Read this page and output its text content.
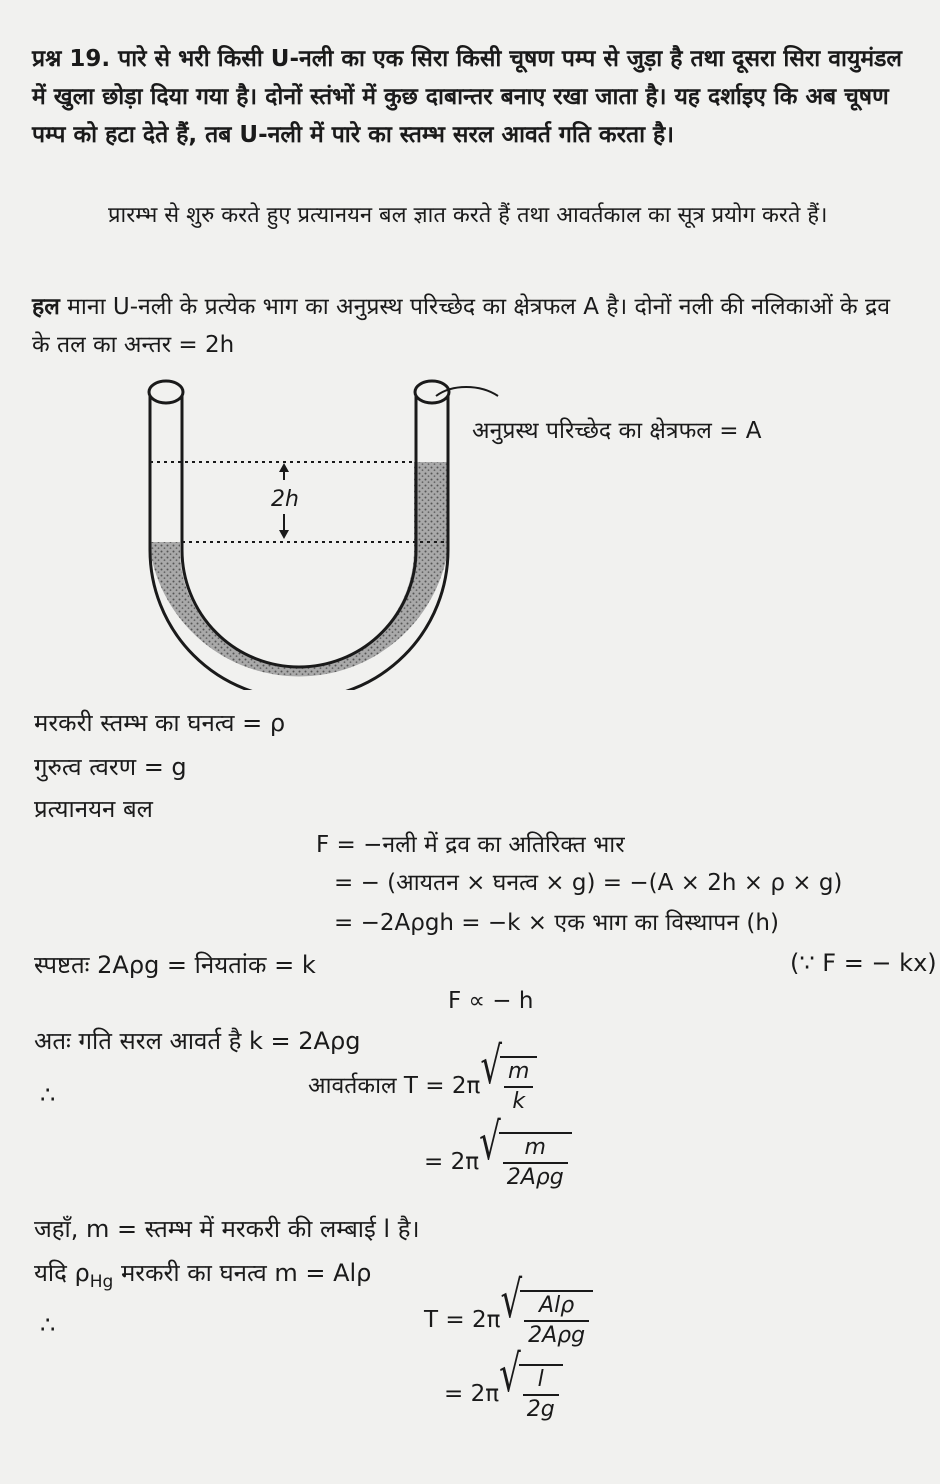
प्रश्न 19. पारे से भरी किसी U-नली का एक सिरा किसी चूषण पम्प से जुड़ा है तथा दूसरा सिरा वायुमंडल में खुला छोड़ा दिया गया है। दोनों स्तंभों में कुछ दाबान्तर बनाए रखा जाता है। यह दर्शाइए कि अब चूषण पम्प को हटा देते हैं, तब U-नली में पारे का स्तम्भ सरल आवर्त गति करता है।
प्रारम्भ से शुरु करते हुए प्रत्यानयन बल ज्ञात करते हैं तथा आवर्तकाल का सूत्र प्रयोग करते हैं।
हल माना U-नली के प्रत्येक भाग का अनुप्रस्थ परिच्छेद का क्षेत्रफल A है। दोनों नली की नलिकाओं के द्रव के तल का अन्तर = 2h
2h
अनुप्रस्थ परिच्छेद का क्षेत्रफल = A
मरकरी स्तम्भ का घनत्व = ρ
गुरुत्व त्वरण = g
प्रत्यानयन बल
F = −नली में द्रव का अतिरिक्त भार
= − (आयतन × घनत्व × g) = −(A × 2h × ρ × g)
= −2Aρgh = −k × एक भाग का विस्थापन (h)
स्पष्टतः 2Aρg = नियतांक = k	(∵ F = − kx)
F ∝ − h
अतः गति सरल आवर्त है k = 2Aρg
∴	आवर्तकाल T = 2π √ $\frac{m}{k}$
= 2π √ $\frac{m}{\text{2Aρg}}$
जहाँ, m = स्तम्भ में मरकरी की लम्बाई l है।
यदि $\rho_{Hg}$ मरकरी का घनत्व m = Alρ
∴	T = 2π √ $\frac{\text{Alρ}}{\text{2Aρg}}$
= 2π √ $\frac{l}{2g}$
